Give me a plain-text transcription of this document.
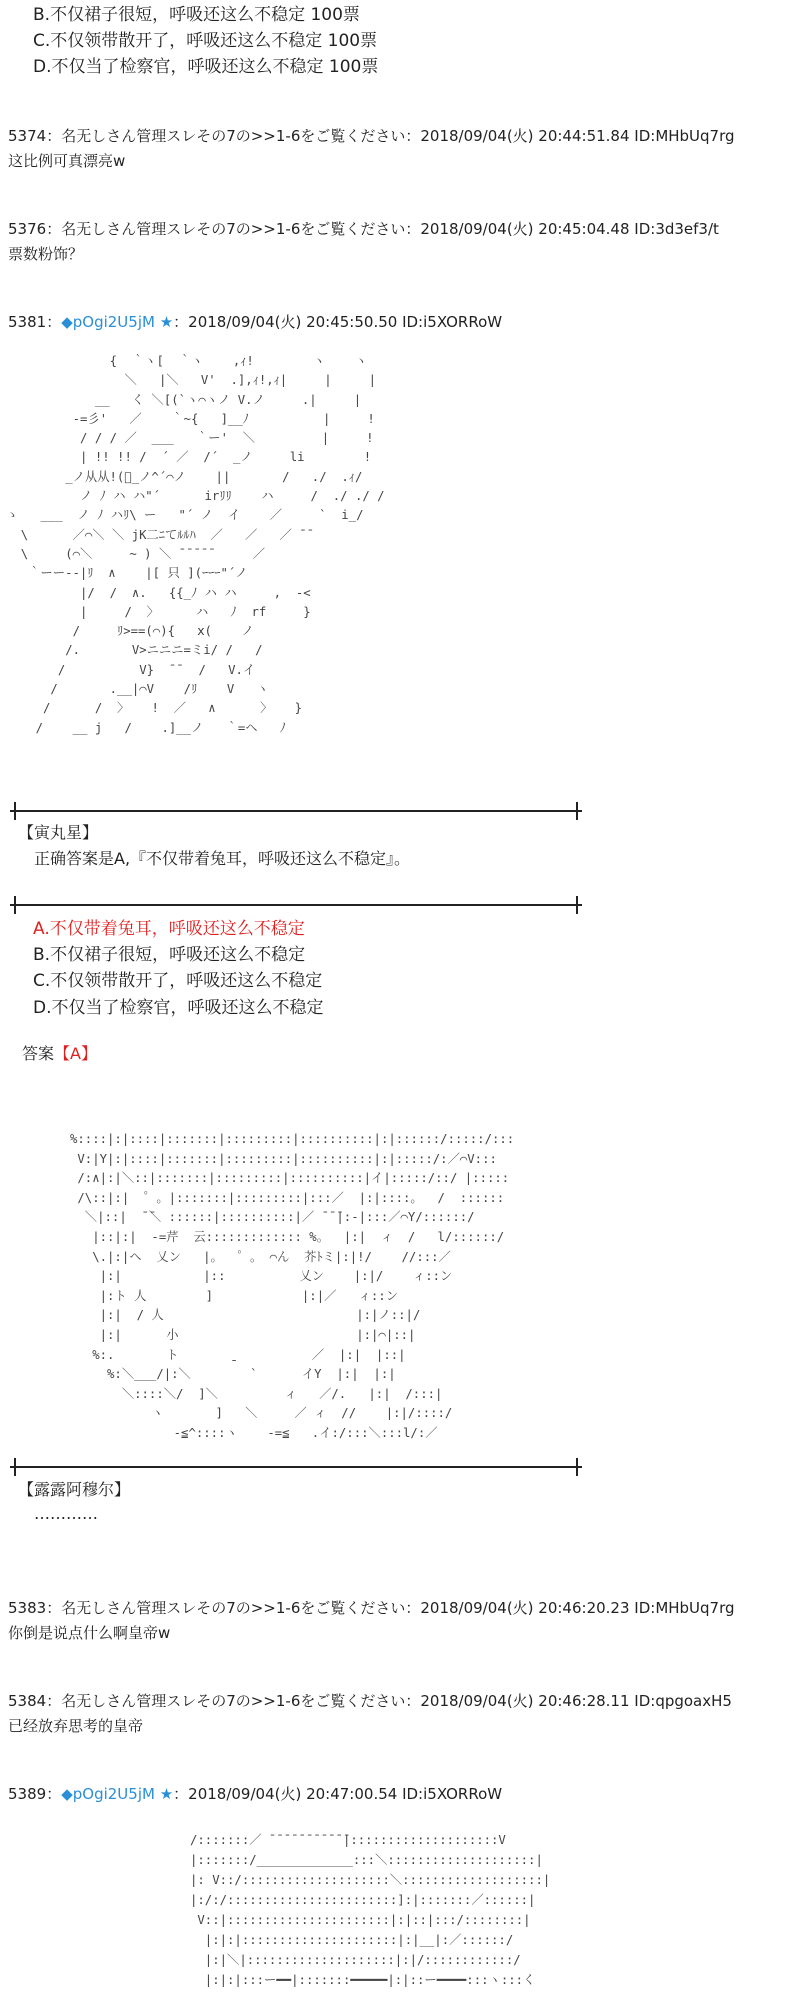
B.不仅裙子很短，呼吸还这么不稳定 100票
C.不仅领带散开了，呼吸还这么不稳定 100票
D.不仅当了检察官，呼吸还这么不稳定 100票
5374：名无しさん管理スレその7の>>1-6をご覧ください：2018/09/04(火) 20:44:51.84 ID:MHbUq7rg
这比例可真漂亮w
5376：名无しさん管理スレその7の>>1-6をご覧ください：2018/09/04(火) 20:45:04.48 ID:3d3ef3/t
票数粉饰？
5381：◆pOgi2U5jM ★：2018/09/04(火) 20:45:50.50 ID:i5XORRoW
{  ｀ヽ[  ｀ヽ    ,ｨ!        ヽ    ヽ
＼   |＼   V'  .],ｨ!,ｨ|     |     |
__   く ＼[(`ヽ⌒ヽノ V.ノ     .|     |
-=彡'   ／    ｀~{   ]__ﾉ          |     !
/ / / ／  ___   ｀ー'  ＼         |     !
| !! !! /  ´ ／  /´  _ノ     li        !
_ノ从从!(ぶ̲ノ^´⌒ノ    ||       /   ./  .ｨ/
ノ ﾉ ハ ハ"´      irﾘﾘ    ハ     /  ./ ./ /
ゝ   ___  ノ ﾉ ハﾘ\ ー   "´ ノ  イ    ／     `  i_/
\      ／⌒＼ ＼ jK二ﾆてﾙﾙﾊ  ／   ／   ／ ̄ ̄
\     (⌒＼     ~ ) ＼ ̄ ̄ ̄ ̄ ̄      ／
｀ーー--|ﾘ  ∧    |[ 只 ](ｰｰｰ"´ノ
|/  /  ∧.   {{_ﾉ ハ ハ     ,  -<
|     /  〉     ハ   ﾉ  rf     }
/     ﾘ>==(⌒){   ⅹ(    ノ
/.       V>ニニニ=ミi/ /   /
/          V}  ̄ ̄   /   V.イ
/       .__|⌒V    /ﾘ    V   ヽ
/      /  〉   !  ／   ∧      〉   }
/    __ j   /    .]__ノ   ｀=ヘ   ﾉ
【寅丸星】
正确答案是A,『不仅带着兔耳，呼吸还这么不稳定』。
A.不仅带着兔耳，呼吸还这么不稳定
B.不仅裙子很短，呼吸还这么不稳定
C.不仅领带散开了，呼吸还这么不稳定
D.不仅当了检察官，呼吸还这么不稳定
答案【A】
%::::|:|::::|:::::::|:::::::::|::::::::::|:|::::::/:::::/:::
V:|Y|:|::::|:::::::|:::::::::|::::::::::|:|:::::/:／⌒V:::
/:∧|:|＼::|:::::::|:::::::::|::::::::::|イ|:::::/::/ |:::::
/\::|:|  ゜。|:::::::|:::::::::|:::／  |:|::::。  /  ::::::
＼|::|  ̄ ̄＼ ::::::|::::::::::|／ ̄ ̄ ̄|:-|:::／⌒Y/::::::/
|::|:|  -=芹  云::::::::::::: %。  |:|  ィ  /   l/::::::/
\.|:|ヘ  乂ン   |。  ゜。 ⌒ん  芥ﾄミ|:|!/    //:::／
|:|           |::          乂ン    |:|/    ィ::ン
|:ト 人        ]            |:|／   ィ::ン
|:|  / 人                          |:|ノ::|/
|:|      小                        |:|⌒|::|
%:.       ト       ˍ          ／  |:|  |::|
%:＼___/|:＼        `      イY  |:|  |:|
＼::::＼/  ]＼         ィ   ／/.   |:|  /:::|
ヽ       ]   ＼     ／ ィ  //    |:|/::::/
-≦^::::ヽ    -=≦   .イ:/:::＼:::l/:／
【露露阿穆尔】
…………
5383：名无しさん管理スレその7の>>1-6をご覧ください：2018/09/04(火) 20:46:20.23 ID:MHbUq7rg
你倒是说点什么啊皇帝w
5384：名无しさん管理スレその7の>>1-6をご覧ください：2018/09/04(火) 20:46:28.11 ID:qpgoaxH5
已经放弃思考的皇帝
5389：◆pOgi2U5jM ★：2018/09/04(火) 20:47:00.54 ID:i5XORRoW
/:::::::／ ̄ ̄ ̄ ̄ ̄ ̄ ̄ ̄ ̄ ̄ ̄|::::::::::::::::::::V
|:::::::/_____________:::＼::::::::::::::::::::|
|: V::/::::::::::::::::::::＼:::::::::::::::::::|
|:/:/:::::::::::::::::::::::]:|:::::::／::::::|
V::|::::::::::::::::::::::|:|::|:::/::::::::|
|:|:|:::::::::::::::::::::|:|__|:／::::::/
|:|＼|::::::::::::::::::::|:|/::::::::::::/
|:|:|:::ー━━|:::::::━━━━━|:|::ー━━━━:::ヽ:::く
